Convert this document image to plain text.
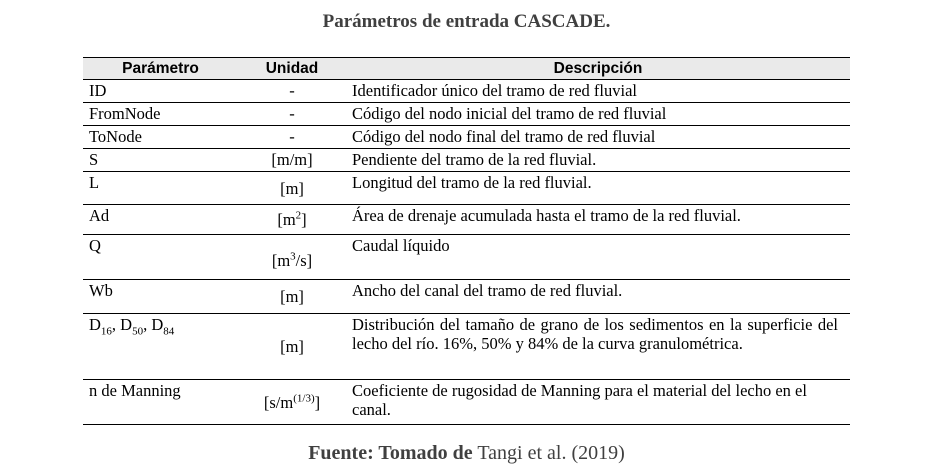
Parámetros de entrada CASCADE.
Parámetro	Unidad	Descripción
ID	-	Identificador único del tramo de red fluvial
FromNode	-	Código del nodo inicial del tramo de red fluvial
ToNode	-	Código del nodo final del tramo de red fluvial
S	[m/m]	Pendiente del tramo de la red fluvial.
L	[m]	Longitud del tramo de la red fluvial.
Ad	$[m^2]$	Área de drenaje acumulada hasta el tramo de la red fluvial.
Q	$[m^3/s]$	Caudal líquido
Wb	[m]	Ancho del canal del tramo de red fluvial.
$D_{16}$, $D_{50}$, $D_{84}$	[m]	Distribución del tamaño de grano de los sedimentos en la superficie del lecho del río. 16%, 50% y 84% de la curva granulométrica.
n de Manning	$[s/m^{(1/3)}]$	Coeficiente de rugosidad de Manning para el material del lecho en el canal.
Fuente: Tomado de Tangi et al. (2019)
